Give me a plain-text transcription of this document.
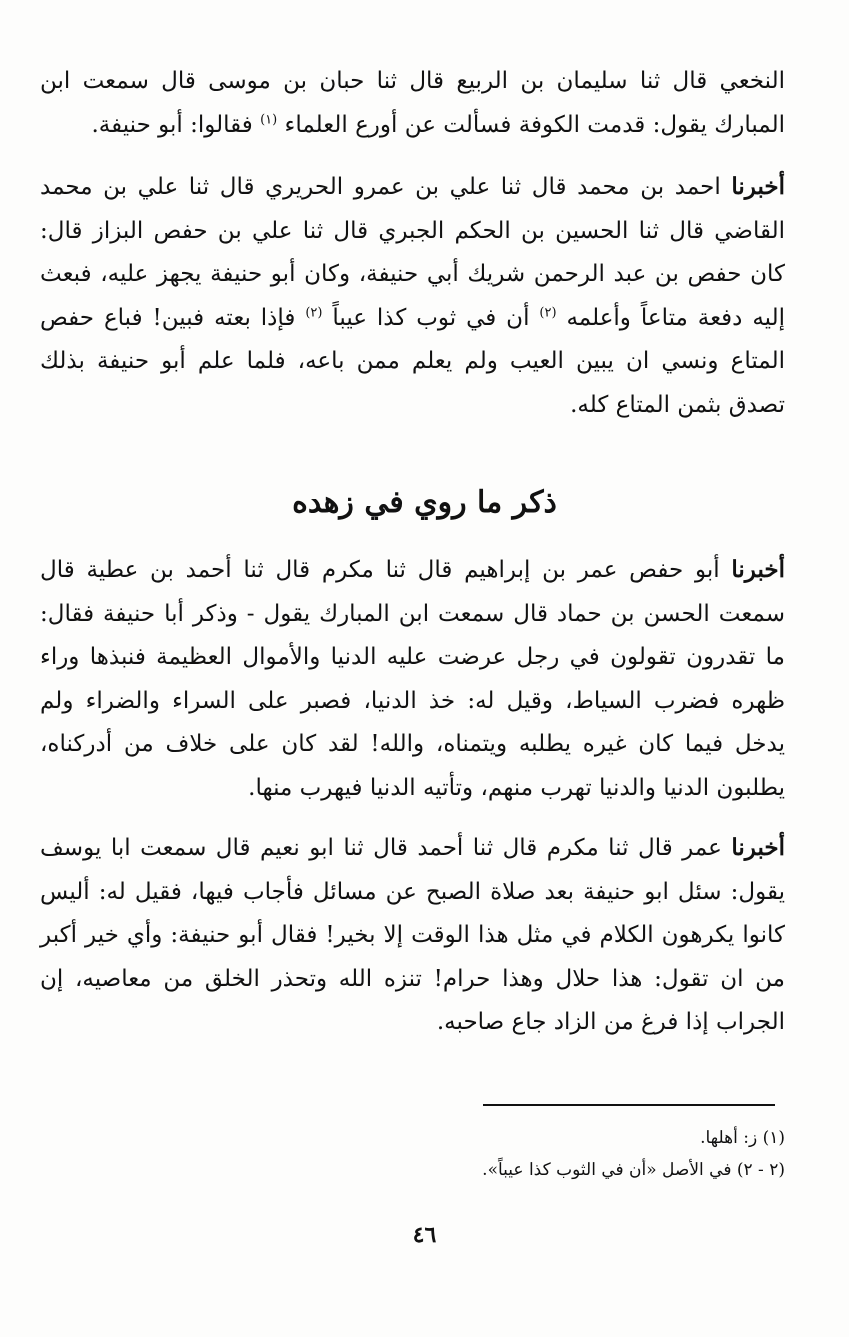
النخعي قال ثنا سليمان بن الربيع قال ثنا حبان بن موسى قال سمعت ابن المبارك يقول: قدمت الكوفة فسألت عن أورع العلماء $^{(١)}$ فقالوا: أبو حنيفة.

أخبرنا احمد بن محمد قال ثنا علي بن عمرو الحريري قال ثنا علي بن محمد القاضي قال ثنا الحسين بن الحكم الجبري قال ثنا علي بن حفص البزاز قال: كان حفص بن عبد الرحمن شريك أبي حنيفة، وكان أبو حنيفة يجهز عليه، فبعث إليه دفعة متاعاً وأعلمه $^{(٢)}$ أن في ثوب كذا عيباً $^{(٢)}$ فإذا بعته فبين! فباع حفص المتاع ونسي ان يبين العيب ولم يعلم ممن باعه، فلما علم أبو حنيفة بذلك تصدق بثمن المتاع كله.

ذكر ما روي في زهده

أخبرنا أبو حفص عمر بن إبراهيم قال ثنا مكرم قال ثنا أحمد بن عطية قال سمعت الحسن بن حماد قال سمعت ابن المبارك يقول - وذكر أبا حنيفة فقال: ما تقدرون تقولون في رجل عرضت عليه الدنيا والأموال العظيمة فنبذها وراء ظهره فضرب السياط، وقيل له: خذ الدنيا، فصبر على السراء والضراء ولم يدخل فيما كان غيره يطلبه ويتمناه، والله! لقد كان على خلاف من أدركناه، يطلبون الدنيا والدنيا تهرب منهم، وتأتيه الدنيا فيهرب منها.

أخبرنا عمر قال ثنا مكرم قال ثنا أحمد قال ثنا ابو نعيم قال سمعت ابا يوسف يقول: سئل ابو حنيفة بعد صلاة الصبح عن مسائل فأجاب فيها، فقيل له: أليس كانوا يكرهون الكلام في مثل هذا الوقت إلا بخير! فقال أبو حنيفة: وأي خير أكبر من ان تقول: هذا حلال وهذا حرام! تنزه الله وتحذر الخلق من معاصيه، إن الجراب إذا فرغ من الزاد جاع صاحبه.

(١) ز: أهلها.
(٢ - ٢) في الأصل «أن في الثوب كذا عيباً».
٤٦
